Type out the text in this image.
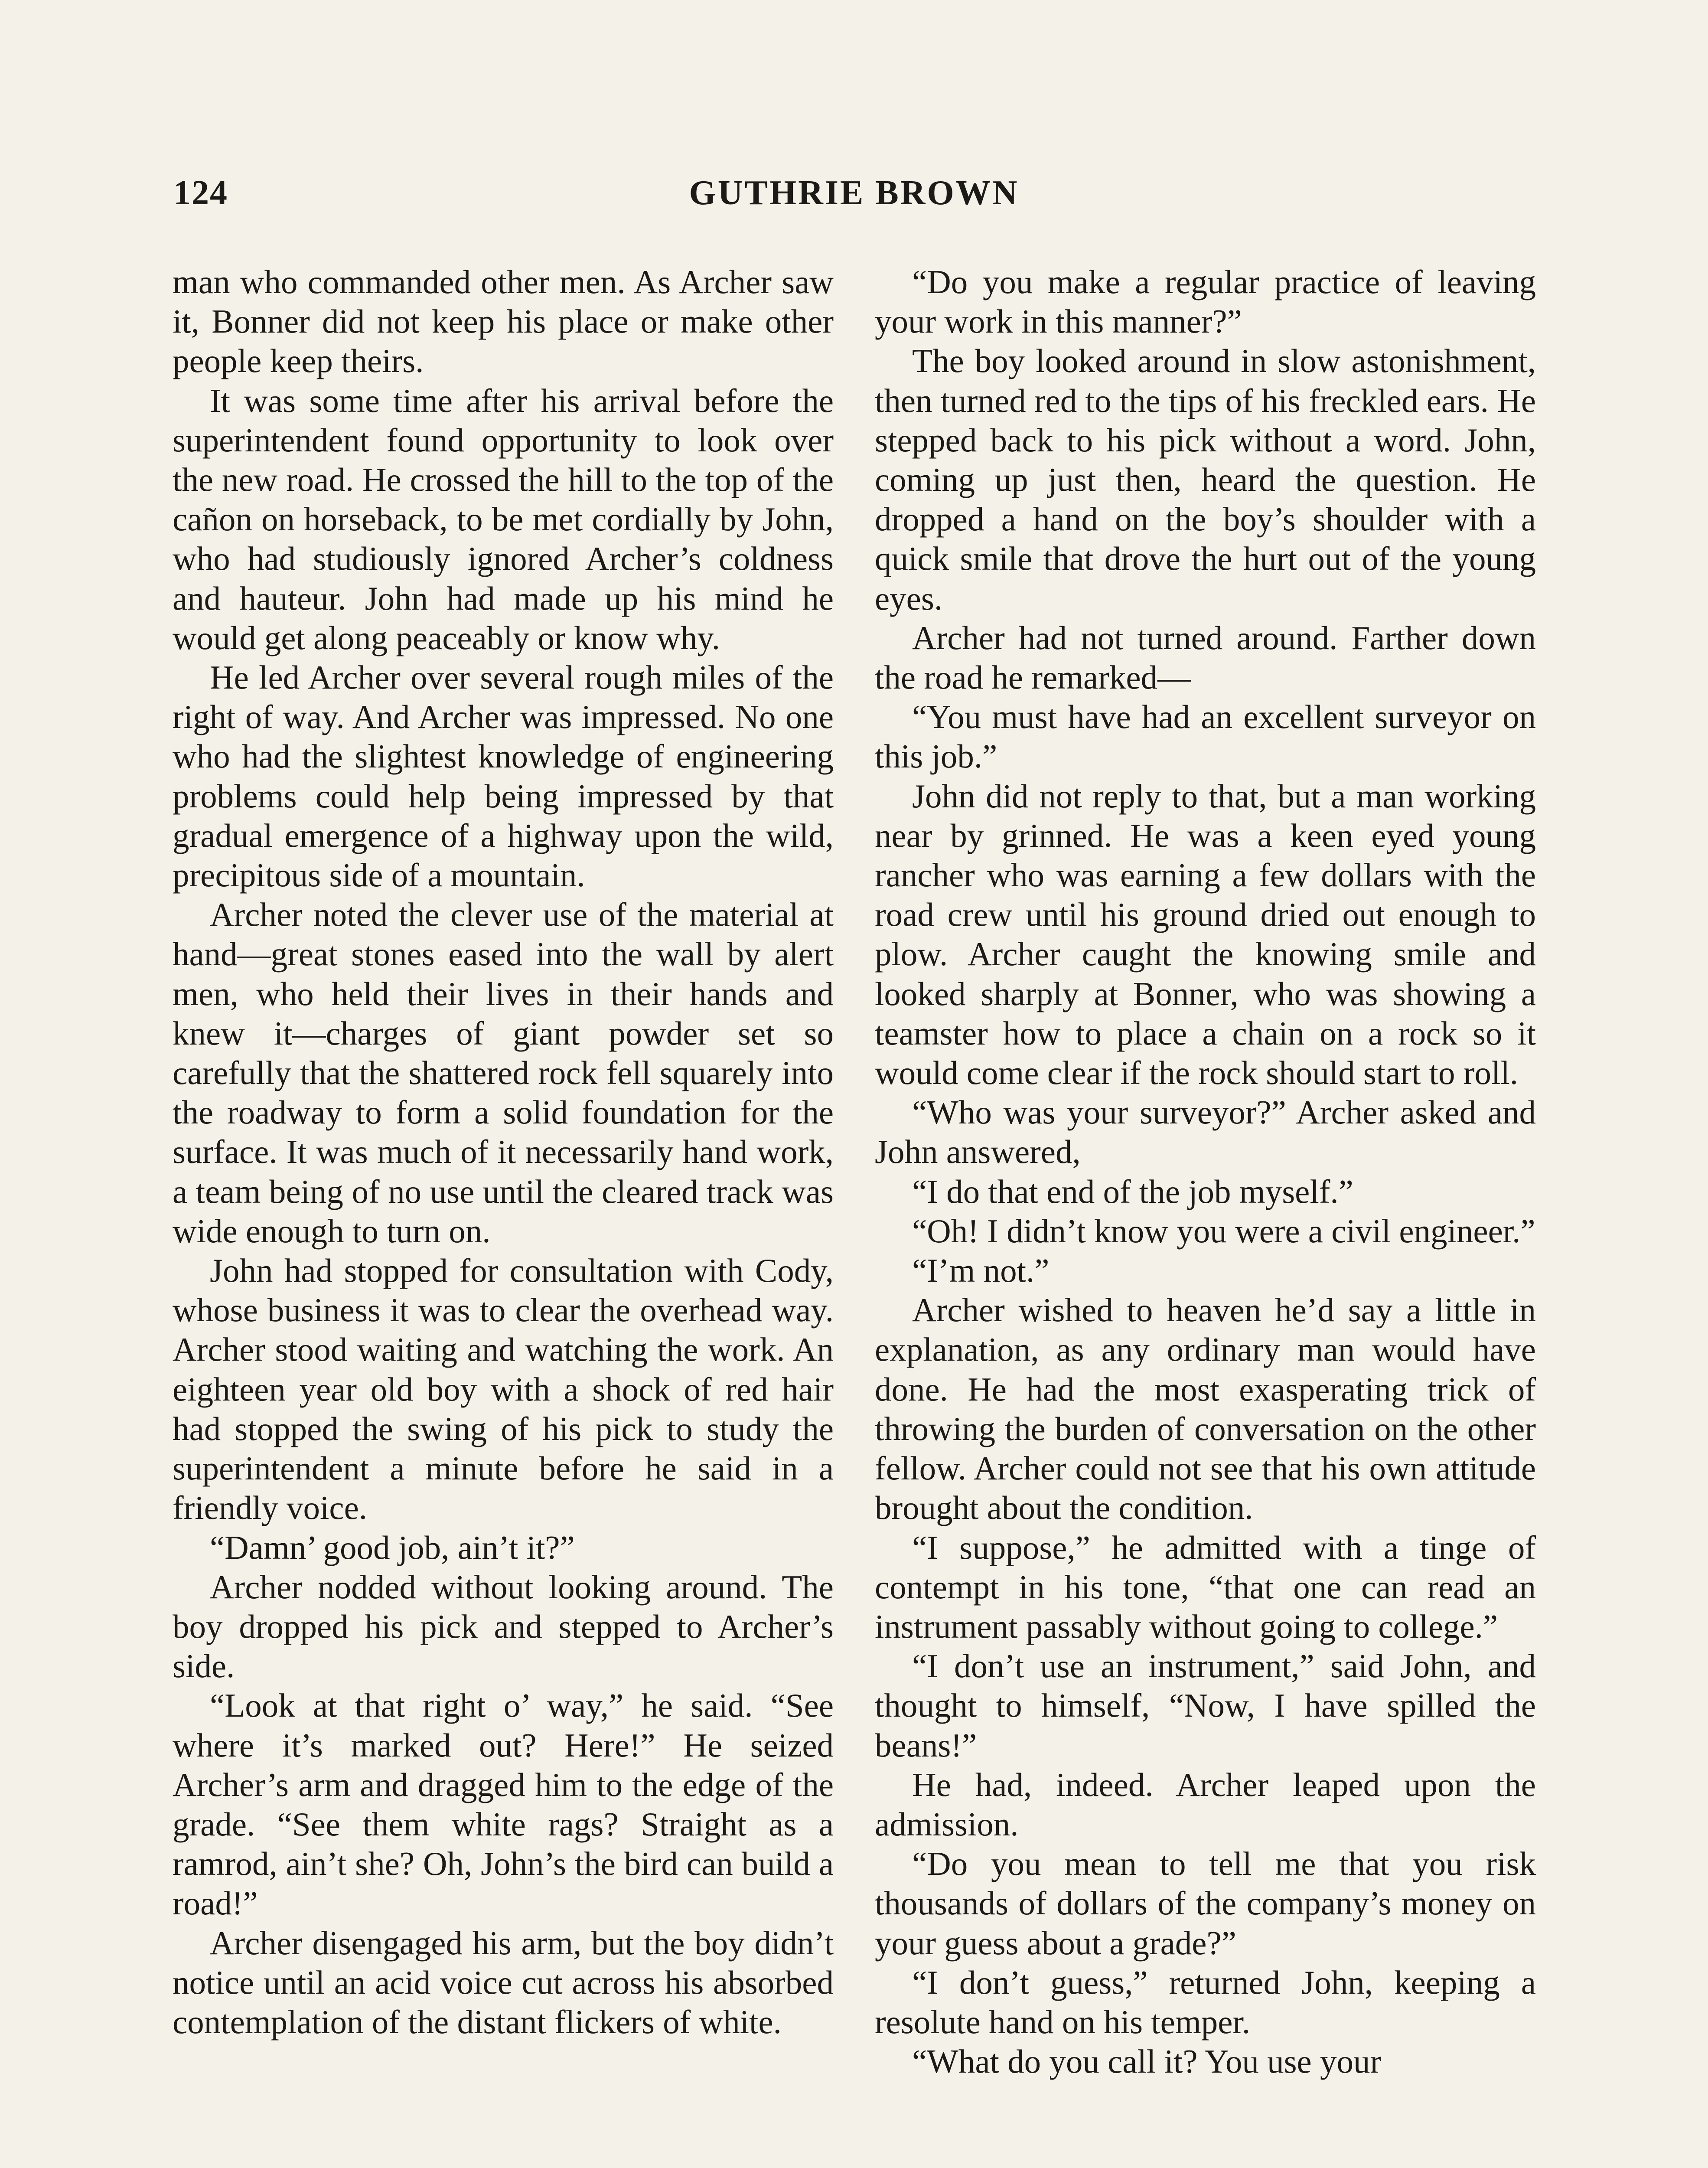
124	GUTHRIE BROWN

man who commanded other men. As Archer saw it, Bonner did not keep his place or make other people keep theirs.

It was some time after his arrival before the superintendent found opportunity to look over the new road. He crossed the hill to the top of the cañon on horseback, to be met cordially by John, who had studiously ignored Archer’s coldness and hauteur. John had made up his mind he would get along peaceably or know why.

He led Archer over several rough miles of the right of way. And Archer was impressed. No one who had the slightest knowledge of engineering problems could help being impressed by that gradual emergence of a highway upon the wild, precipitous side of a mountain.

Archer noted the clever use of the material at hand—great stones eased into the wall by alert men, who held their lives in their hands and knew it—charges of giant powder set so carefully that the shattered rock fell squarely into the roadway to form a solid foundation for the surface. It was much of it necessarily hand work, a team being of no use until the cleared track was wide enough to turn on.

John had stopped for consultation with Cody, whose business it was to clear the overhead way. Archer stood waiting and watching the work. An eighteen year old boy with a shock of red hair had stopped the swing of his pick to study the superintendent a minute before he said in a friendly voice.

“Damn’ good job, ain’t it?”

Archer nodded without looking around. The boy dropped his pick and stepped to Archer’s side.

“Look at that right o’ way,” he said. “See where it’s marked out? Here!” He seized Archer’s arm and dragged him to the edge of the grade. “See them white rags? Straight as a ramrod, ain’t she? Oh, John’s the bird can build a road!”

Archer disengaged his arm, but the boy didn’t notice until an acid voice cut across his absorbed contemplation of the distant flickers of white.

“Do you make a regular practice of leaving your work in this manner?”

The boy looked around in slow astonishment, then turned red to the tips of his freckled ears. He stepped back to his pick without a word. John, coming up just then, heard the question. He dropped a hand on the boy’s shoulder with a quick smile that drove the hurt out of the young eyes.

Archer had not turned around. Farther down the road he remarked—

“You must have had an excellent surveyor on this job.”

John did not reply to that, but a man working near by grinned. He was a keen eyed young rancher who was earning a few dollars with the road crew until his ground dried out enough to plow. Archer caught the knowing smile and looked sharply at Bonner, who was showing a teamster how to place a chain on a rock so it would come clear if the rock should start to roll.

“Who was your surveyor?” Archer asked and John answered,

“I do that end of the job myself.”

“Oh! I didn’t know you were a civil engineer.”

“I’m not.”

Archer wished to heaven he’d say a little in explanation, as any ordinary man would have done. He had the most exasperating trick of throwing the burden of conversation on the other fellow. Archer could not see that his own attitude brought about the condition.

“I suppose,” he admitted with a tinge of contempt in his tone, “that one can read an instrument passably without going to college.”

“I don’t use an instrument,” said John, and thought to himself, “Now, I have spilled the beans!”

He had, indeed. Archer leaped upon the admission.

“Do you mean to tell me that you risk thousands of dollars of the company’s money on your guess about a grade?”

“I don’t guess,” returned John, keeping a resolute hand on his temper.

“What do you call it? You use your
